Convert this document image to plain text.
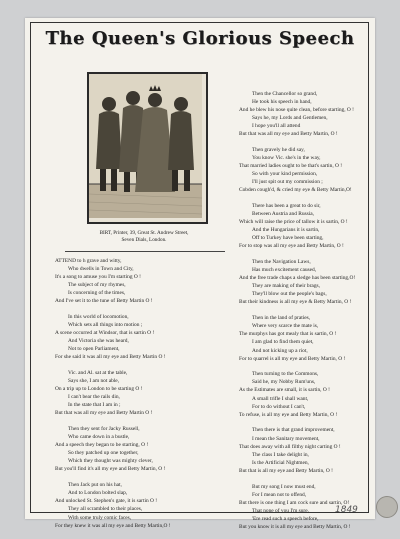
The Queen's Glorious Speech
BIRT, Printer, 39, Great St. Andrew Street,
Seven Dials, London.
ATTEND to h grave and witty,
Who dwells in Town and City,
It's a song to amuse you I'm starting O !
The subject of my rhymes,
Is concerning of the times,
And I've set it to the tune of Betty Martin O !
In this world of locomotion,
Which sets all things into motion ;
A scene occurred at Windsor, that is sartin O !
And Victoria she was heard,
Not to open Parliament,
For she said it was all my eye and Betty Martin O !
Vic. and Al. sat at the table,
Says she, I am not able,
On a trip up to London to be starting O !
I can't bear the rails din,
In the state that I am in ;
But that was all my eye and Betty Martin O !
Then they sent for Jacky Russell,
Who came down in a bustle,
And a speech they began to be starting, O !
So they patched up one together,
Which they thought was mighty clever,
But you'll find it's all my eye and Betty Martin, O !
Then Jack put on his hat,
And to London bolted slap,
And unlocked St. Stephen's gate, it is sartin O !
They all scrambled to their places,
With some truly comic faces,
For they knew it was all my eye and Betty Martin,O !
Then the Chancellor so grand,
He took his speech in hand,
And he blew his nose quite clean, before starting, O !
Says he, my Lords and Gentlemen,
I hope you'll all attend
But that was all my eye and Betty Martin, O !
Then gravely he did say,
You know Vic. she's in the way,
That married ladies ought to be that's sartin, O !
So with your kind permission,
I'll just spit out my commission ;
Cobden cough'd, & cried my eye & Betty Martin,O!
There has been a great to do sir,
Between Austria and Russia,
Which will raise the price of tallow it is sartin, O !
And the Hungarians it is sartin,
Off to Turkey have been starting,
For to stop was all my eye and Betty Martin, O !
Then the Navigation Laws,
Has much excitement caused,
And the free trade chaps a sledge has been starting,O!
They are making of their brags,
They'll blow out the people's bags,
But their kindness is all my eye & Betty Martin, O !
Then in the land of praties,
Where very scarce the mate is,
The murphys has got mealy that is sartin, O !
I am glad to find them quiet,
And not kicking up a riot,
For to quarrel is all my eye and Betty Martin, O !
Then turning to the Commons,
Said he, my Nobby Rum'uns,
As the Estimates are small, it is sartin, O !
A small trifle I shall want,
For to do without I can't,
To refuse, is all my eye and Betty Martin, O !
Then there is that grand improvement,
I mean the Sanitary movement,
That does away with all filthy night carting O !
The class I take delight in,
Is the Artificial Nightmen,
But that is all my eye and Betty Martin, O !
But my song I now must end,
For I mean not to offend,
But there is one thing I am cock sure and sartin, O!
That none of you I'm sure,
'Ere read such a speech before,
But you know it is all my eye and Betty Martin, O !
1849
